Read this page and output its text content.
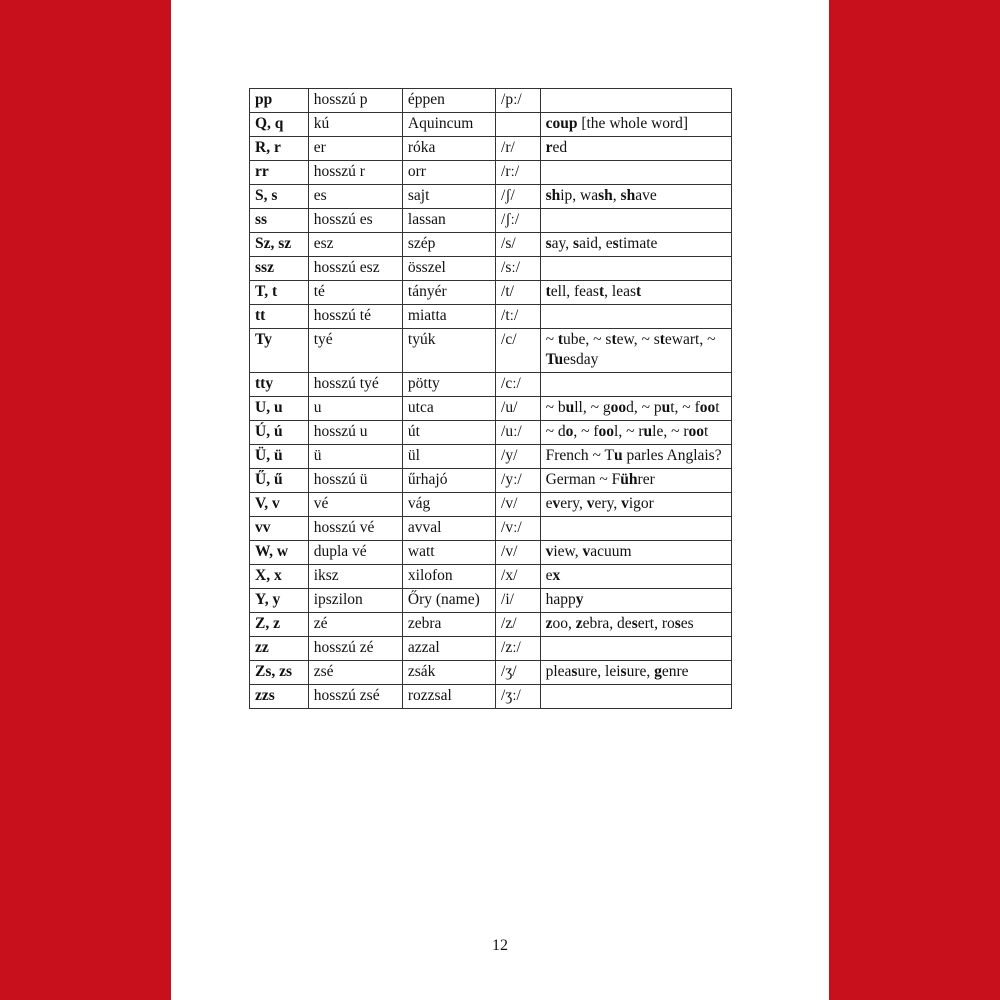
pp	hosszú p	éppen	/pː/	
Q, q	kú	Aquincum		coup [the whole word]
R, r	er	róka	/r/	red
rr	hosszú r	orr	/rː/	
S, s	es	sajt	/ʃ/	ship, wash, shave
ss	hosszú es	lassan	/ʃː/	
Sz, sz	esz	szép	/s/	say, said, estimate
ssz	hosszú esz	összel	/sː/	
T, t	té	tányér	/t/	tell, feast, least
tt	hosszú té	miatta	/tː/	
Ty	tyé	tyúk	/c/	~ tube, ~ stew, ~ stewart, ~ Tuesday
tty	hosszú tyé	pötty	/cː/	
U, u	u	utca	/u/	~ bull, ~ good, ~ put, ~ foot
Ú, ú	hosszú u	út	/uː/	~ do, ~ fool, ~ rule, ~ root
Ü, ü	ü	ül	/y/	French ~ Tu parles Anglais?
Ű, ű	hosszú ü	űrhajó	/yː/	German ~ Führer
V, v	vé	vág	/v/	every, very, vigor
vv	hosszú vé	avval	/vː/	
W, w	dupla vé	watt	/v/	view, vacuum
X, x	iksz	xilofon	/x/	ex
Y, y	ipszilon	Őry (name)	/i/	happy
Z, z	zé	zebra	/z/	zoo, zebra, desert, roses
zz	hosszú zé	azzal	/zː/	
Zs, zs	zsé	zsák	/ʒ/	pleasure, leisure, genre
zzs	hosszú zsé	rozzsal	/ʒː/	
12
